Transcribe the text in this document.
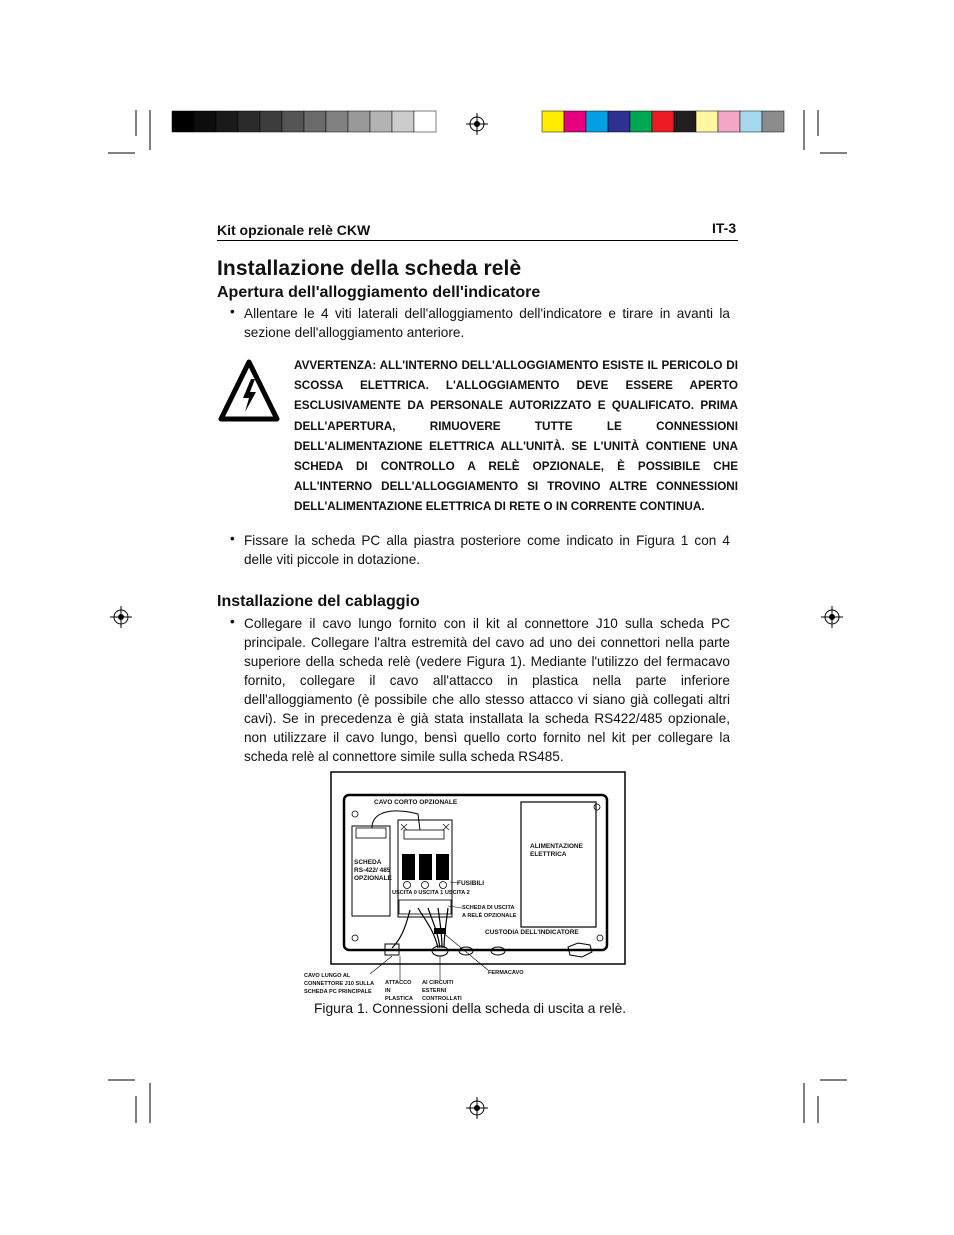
Kit opzionale relè CKW	IT-3
Installazione della scheda relè
Apertura dell'alloggiamento dell'indicatore
• Allentare le 4 viti laterali dell'alloggiamento dell'indicatore e tirare in avanti la sezione dell'alloggiamento anteriore.
AVVERTENZA: ALL'INTERNO DELL'ALLOGGIAMENTO ESISTE IL PERICOLO DI SCOSSA ELETTRICA. L'ALLOGGIAMENTO DEVE ESSERE APERTO ESCLUSIVAMENTE DA PERSONALE AUTORIZZATO E QUALIFICATO. PRIMA DELL'APERTURA, RIMUOVERE TUTTE LE CONNESSIONI DELL'ALIMENTAZIONE ELETTRICA ALL'UNITÀ. SE L'UNITÀ CONTIENE UNA SCHEDA DI CONTROLLO A RELÈ OPZIONALE, È POSSIBILE CHE ALL'INTERNO DELL'ALLOGGIAMENTO SI TROVINO ALTRE CONNESSIONI DELL'ALIMENTAZIONE ELETTRICA DI RETE O IN CORRENTE CONTINUA.
• Fissare la scheda PC alla piastra posteriore come indicato in Figura 1 con 4 delle viti piccole in dotazione.
Installazione del cablaggio
• Collegare il cavo lungo fornito con il kit al connettore J10 sulla scheda PC principale. Collegare l'altra estremità del cavo ad uno dei connettori nella parte superiore della scheda relè (vedere Figura 1). Mediante l'utilizzo del fermacavo fornito, collegare il cavo all'attacco in plastica nella parte inferiore dell'alloggiamento (è possibile che allo stesso attacco vi siano già collegati altri cavi). Se in precedenza è già stata installata la scheda RS422/485 opzionale, non utilizzare il cavo lungo, bensì quello corto fornito nel kit per collegare la scheda relè al connettore simile sulla scheda RS485.
CAVO CORTO OPZIONALE
SCHEDA RS-422/ 485 OPZIONALE
ALIMENTAZIONE ELETTRICA
FUSIBILI
USCITA 0 USCITA 1 USCITA 2
SCHEDA DI USCITA A RELÈ OPZIONALE
CUSTODIA DELL'INDICATORE
CAVO LUNGO AL CONNETTORE J10 SULLA SCHEDA PC PRINCIPALE
ATTACCO IN PLASTICA
AI CIRCUITI ESTERNI CONTROLLATI
FERMACAVO
Figura 1. Connessioni della scheda di uscita a relè.
